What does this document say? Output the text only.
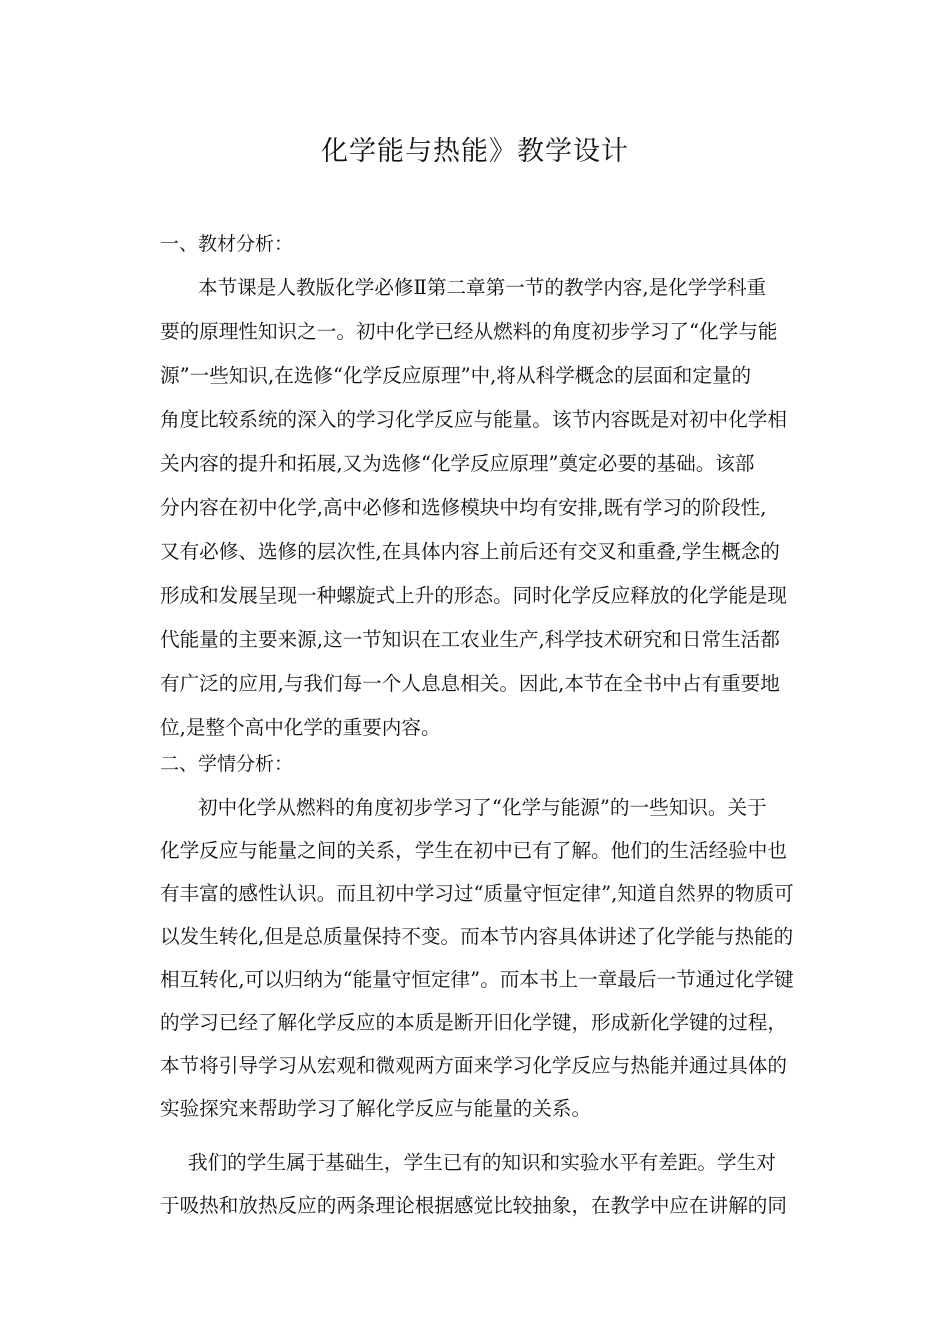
化学能与热能》教学设计
一、教材分析：
本节课是人教版化学必修Ⅱ第二章第一节的教学内容,是化学学科重
要的原理性知识之一。初中化学已经从燃料的角度初步学习了“化学与能
源”一些知识,在选修“化学反应原理”中,将从科学概念的层面和定量的
角度比较系统的深入的学习化学反应与能量。该节内容既是对初中化学相
关内容的提升和拓展,又为选修“化学反应原理”奠定必要的基础。该部
分内容在初中化学,高中必修和选修模块中均有安排,既有学习的阶段性,
又有必修、选修的层次性,在具体内容上前后还有交叉和重叠,学生概念的
形成和发展呈现一种螺旋式上升的形态。同时化学反应释放的化学能是现
代能量的主要来源,这一节知识在工农业生产,科学技术研究和日常生活都
有广泛的应用,与我们每一个人息息相关。因此,本节在全书中占有重要地
位,是整个高中化学的重要内容。
二、学情分析：
初中化学从燃料的角度初步学习了“化学与能源”的一些知识。关于
化学反应与能量之间的关系，学生在初中已有了解。他们的生活经验中也
有丰富的感性认识。而且初中学习过“质量守恒定律”,知道自然界的物质可
以发生转化,但是总质量保持不变。而本节内容具体讲述了化学能与热能的
相互转化,可以归纳为“能量守恒定律”。而本书上一章最后一节通过化学键
的学习已经了解化学反应的本质是断开旧化学键，形成新化学键的过程，
本节将引导学习从宏观和微观两方面来学习化学反应与热能并通过具体的
实验探究来帮助学习了解化学反应与能量的关系。
我们的学生属于基础生，学生已有的知识和实验水平有差距。学生对
于吸热和放热反应的两条理论根据感觉比较抽象，在教学中应在讲解的同
